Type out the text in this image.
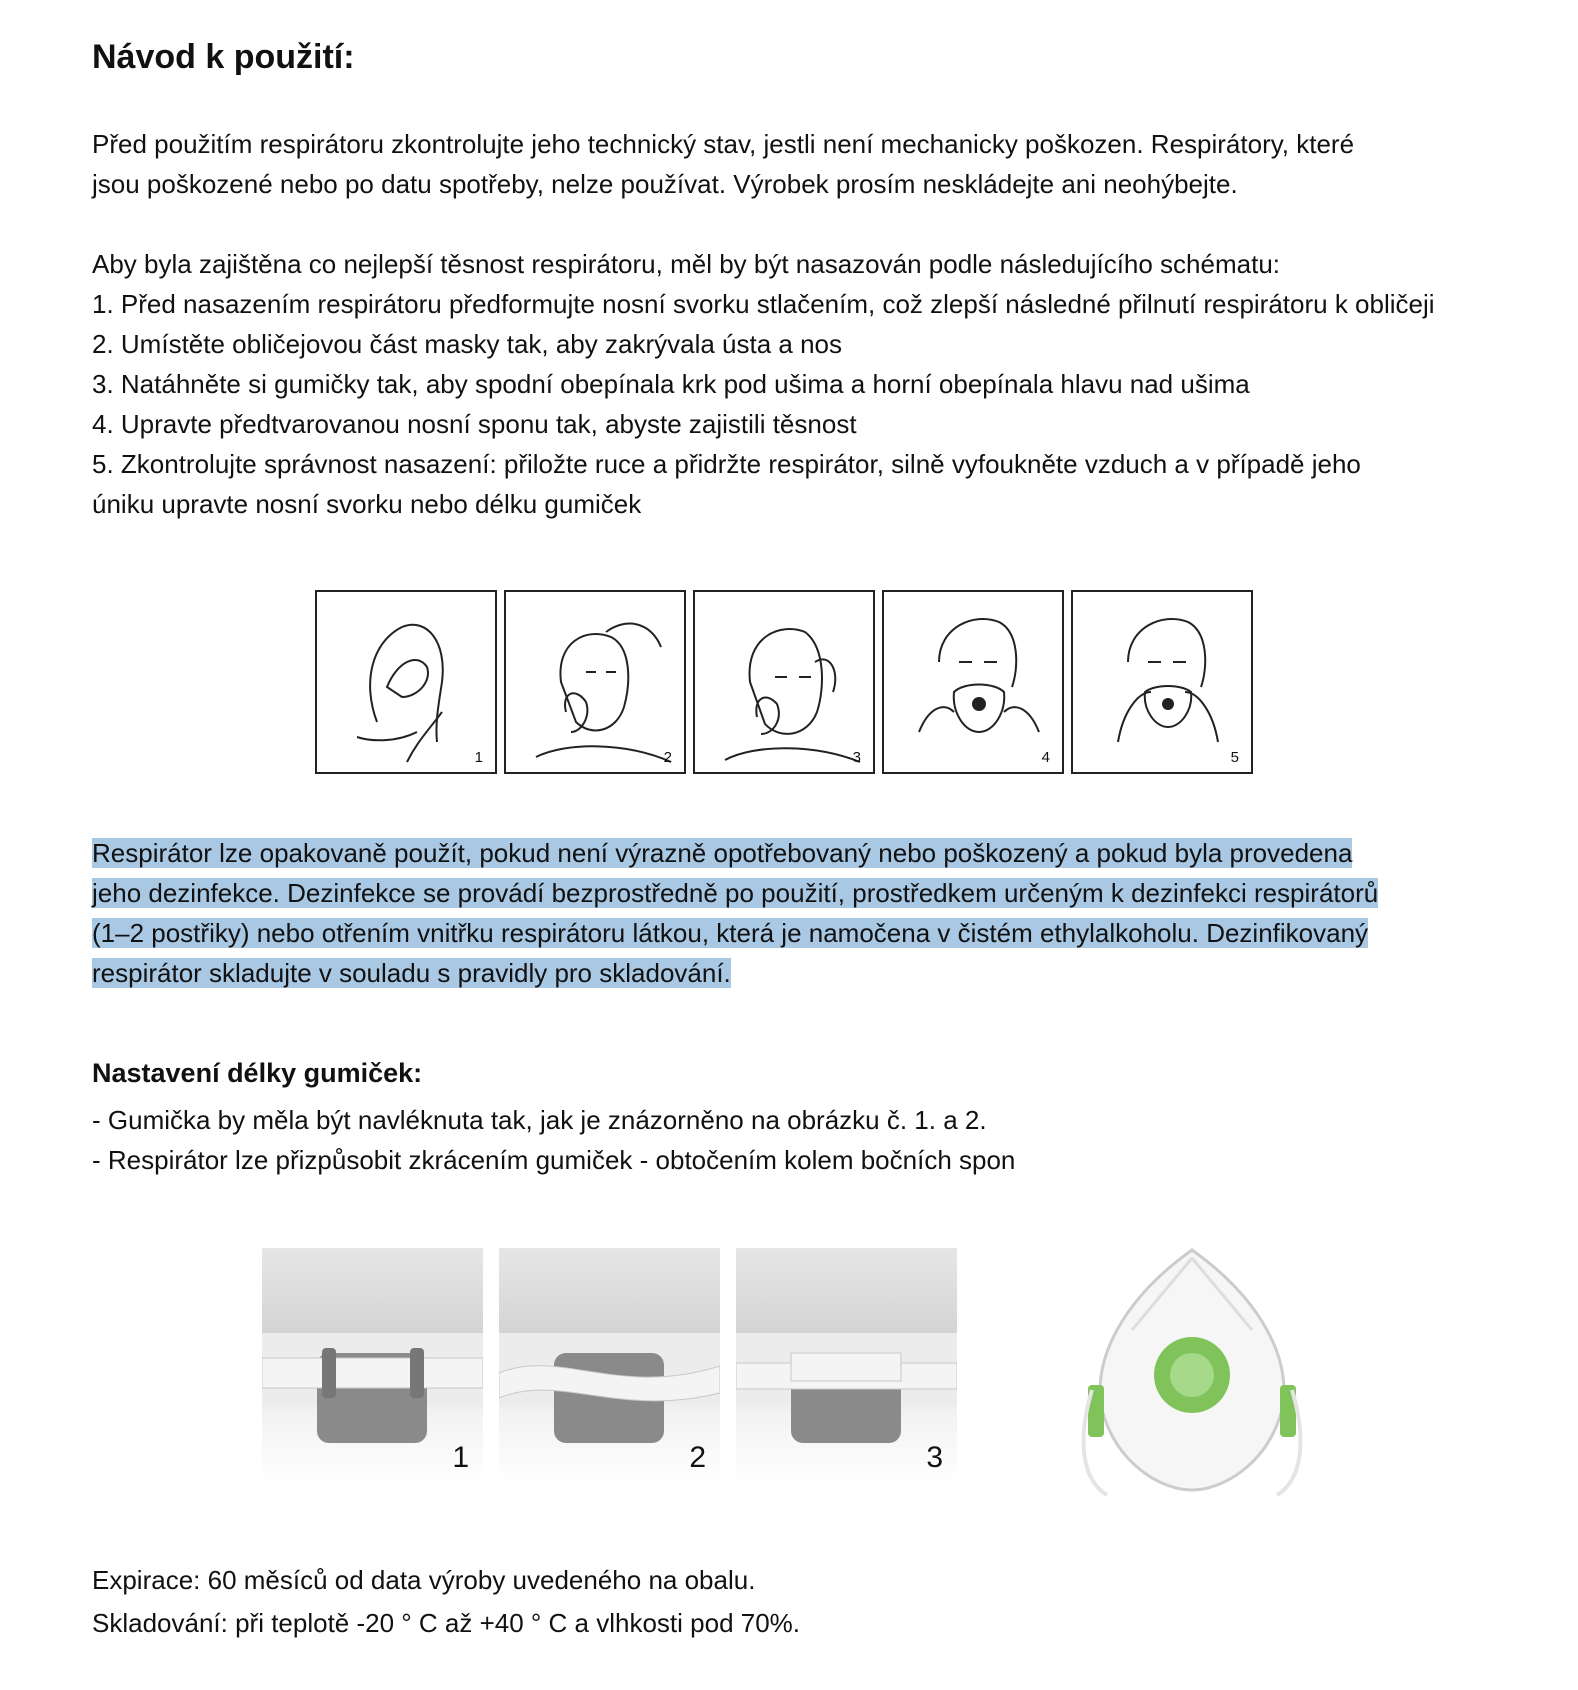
Návod k použití:

Před použitím respirátoru zkontrolujte jeho technický stav, jestli není mechanicky poškozen. Respirátory, které

jsou poškozené nebo po datu spotřeby, nelze používat. Výrobek prosím neskládejte ani neohýbejte.

Aby byla zajištěna co nejlepší těsnost respirátoru, měl by být nasazován podle následujícího schématu:

1. Před nasazením respirátoru předformujte nosní svorku stlačením, což zlepší následné přilnutí respirátoru k obličeji

2. Umístěte obličejovou část masky tak, aby zakrývala ústa a nos

3. Natáhněte si gumičky tak, aby spodní obepínala krk pod ušima a horní obepínala hlavu nad ušima

4. Upravte předtvarovanou nosní sponu tak, abyste zajistili těsnost

5. Zkontrolujte správnost nasazení: přiložte ruce a přidržte respirátor, silně vyfoukněte vzduch a v případě jeho

úniku upravte nosní svorku nebo délku gumiček

1	2	3	4	5

Respirátor lze opakovaně použít, pokud není výrazně opotřebovaný nebo poškozený a pokud byla provedena

jeho dezinfekce. Dezinfekce se provádí bezprostředně po použití, prostředkem určeným k dezinfekci respirátorů

(1–2 postřiky) nebo otřením vnitřku respirátoru látkou, která je namočena v čistém ethylalkoholu. Dezinfikovaný

respirátor skladujte v souladu s pravidly pro skladování.

Nastavení délky gumiček:

- Gumička by měla být navléknuta tak, jak je znázorněno na obrázku č. 1. a 2.

- Respirátor lze přizpůsobit zkrácením gumiček - obtočením kolem bočních spon

1	2	3

Expirace: 60 měsíců od data výroby uvedeného na obalu.

Skladování: při teplotě -20 ° C až +40 ° C a vlhkosti pod 70%.
